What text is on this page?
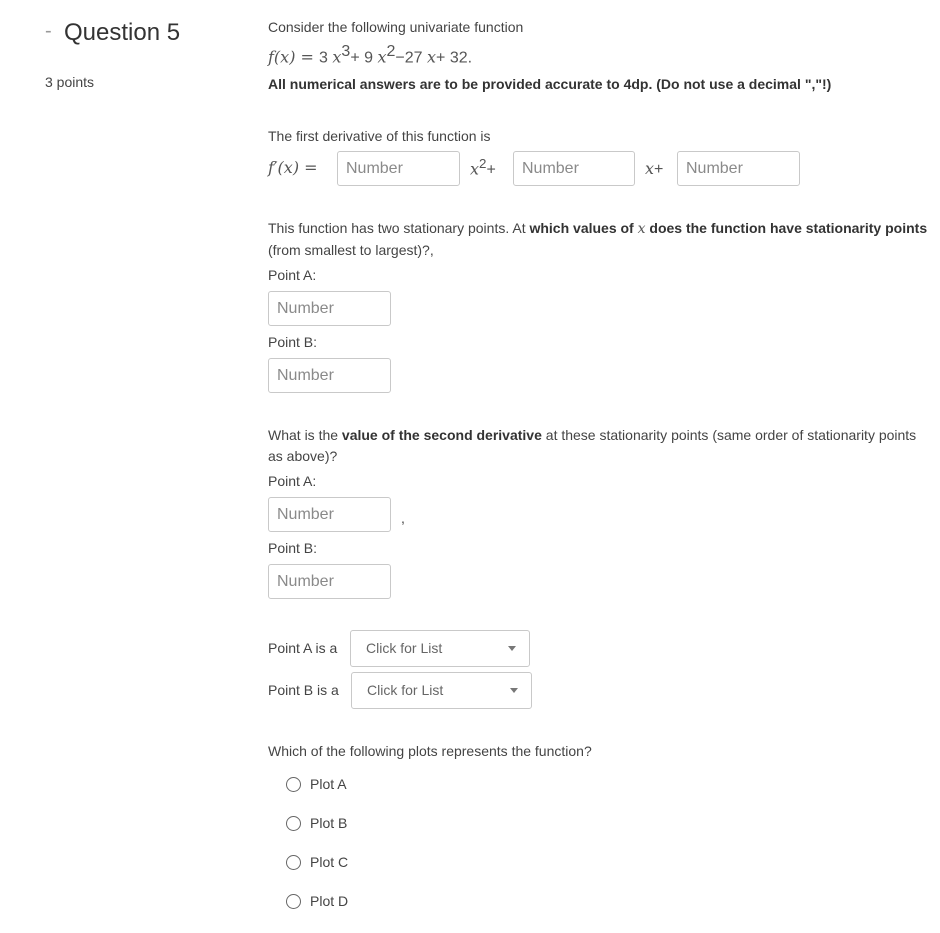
- Question 5
3 points
Consider the following univariate function
f(x) = 3 $x^3+ 9$ $x^2-27$ x+ 32.
All numerical answers are to be provided accurate to 4dp. (Do not use a decimal ","!)
The first derivative of this function is
f′(x) =
Number	$x^2+$
Number	x+
Number
This function has two stationary points. At which values of x does the function have stationarity points (from smallest to largest)?,
Point A:
Number
Point B:
Number
What is the value of the second derivative at these stationarity points (same order of stationarity points as above)?
Point A:
Number
,
Point B:
Number
Point A is a Click for List
Point B is a Click for List
Which of the following plots represents the function?
Plot A
Plot B
Plot C
Plot D
